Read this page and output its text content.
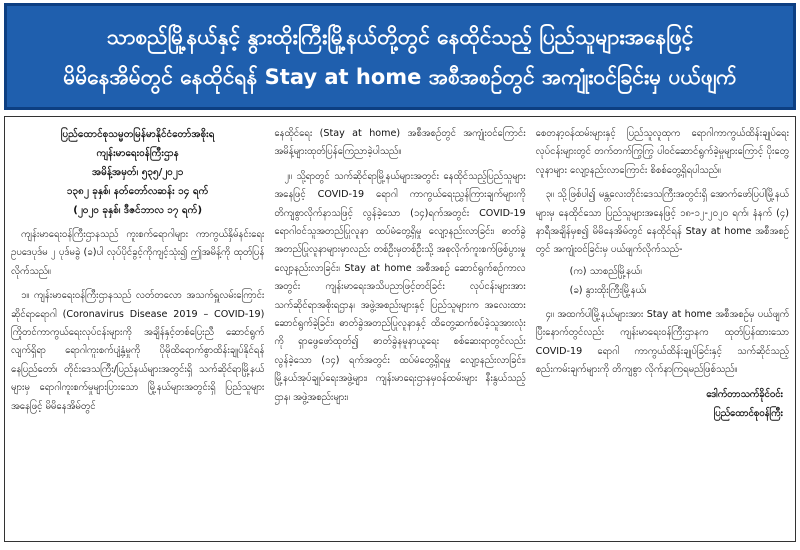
သာစည်မြို့နယ်နှင့် နွားထိုးကြီးမြို့နယ်တို့တွင် နေထိုင်သည့် ပြည်သူများအနေဖြင့်
မိမိနေအိမ်တွင် နေထိုင်ရန် Stay at home အစီအစဉ်တွင် အကျုံးဝင်ခြင်းမှ ပယ်ဖျက်
ပြည်ထောင်စုသမ္မတမြန်မာနိုင်ငံတော်အစိုးရ
ကျန်းမာရေးဝန်ကြီးဌာန
အမိန့်အမှတ်၊ ၅၃၅/၂၀၂၁
၁၃၈၂ ခုနှစ်၊ နတ်တော်လဆန်း ၁၄ ရက်
(၂၀၂၀ ခုနှစ်၊ ဒီဇင်ဘာလ ၁၇ ရက်)

ကျန်းမာရေးဝန်ကြီးဌာနသည် ကူးစက်ရောဂါများ ကာကွယ်နှိမ်နင်းရေး ဥပဒေပုဒ်မ ၂ ပုဒ်မခွဲ (ခ)ပါ လုပ်ပိုင်ခွင့်ကိုကျင့်သုံး၍ ဤအမိန့်ကို ထုတ်ပြန်လိုက်သည်။

၁။ ကျန်းမာရေးဝန်ကြီးဌာနသည် လတ်တလော အသက်ရှူလမ်းကြောင်းဆိုင်ရာရောဂါ (Coronavirus Disease 2019 – COVID-19) ကြိုတင်ကာကွယ်ရေးလုပ်ငန်းများကို အချိန်နှင့်တစ်ပြေးညီ ဆောင်ရွက်လျက်ရှိရာ ရောဂါကူးစက်ပျံ့နှံ့မှုကို ပိုမိုထိရောက်စွာထိန်းချုပ်နိုင်ရန် နေပြည်တော်၊ တိုင်းဒေသကြီး/ပြည်နယ်များအတွင်းရှိ သက်ဆိုင်ရာမြို့နယ်များမှ ရောဂါကူးစက်မှုများပြားသော မြို့နယ်များအတွင်းရှိ ပြည်သူများအနေဖြင့် မိမိနေအိမ်တွင်

နေထိုင်ရေး (Stay at home) အစီအစဉ်တွင် အကျုံးဝင်ကြောင်း အမိန့်များထုတ်ပြန်ကြေညာခဲ့ပါသည်။

၂။ သို့ရာတွင် သက်ဆိုင်ရာမြို့နယ်များအတွင်း နေထိုင်သည့်ပြည်သူများအနေဖြင့် COVID-19 ရောဂါ ကာကွယ်ရေးညွှန်ကြားချက်များကို တိကျစွာလိုက်နာသဖြင့် လွန်ခဲ့သော (၁၄)ရက်အတွင်း COVID-19 ရောဂါဝင်သူအတည်ပြုလူနာ ထပ်မံတွေ့ရှိမှု လျော့နည်းလာခြင်း၊ ဓာတ်ခွဲအတည်ပြုလူနာများမှာလည်း တစ်ဦးမှတစ်ဦးသို့ အစုလိုက်ကူးစက်ဖြစ်ပွားမှု လျော့နည်းလာခြင်း၊ Stay at home အစီအစဉ် ဆောင်ရွက်စဉ်ကာလအတွင်း ကျန်းမာရေးအသိပညာဖြင့်တင်ခြင်း လုပ်ငန်းများအား သက်ဆိုင်ရာအစိုးရဌာန၊ အဖွဲ့အစည်းများနှင့် ပြည်သူများက အလေးထားဆောင်ရွက်ခဲ့ခြင်း၊ ဓာတ်ခွဲအတည်ပြုလူနာနှင့် ထိတွေ့ဆက်စပ်ခဲ့သူအားလုံးကို ရှာဖွေဖော်ထုတ်၍ ဓာတ်ခွဲနမူနာယူရေး စစ်ဆေးရာတွင်လည်း လွန်ခဲ့သော (၁၄) ရက်အတွင်း ထပ်မံတွေ့ရှိရမှု လျော့နည်းလာခြင်း၊ မြို့နယ်အုပ်ချုပ်ရေးအဖွဲ့များ၊ ကျန်းမာရေးဌာနမှဝန်ထမ်းများ နီးနွယ်သည့်ဌာန၊ အဖွဲ့အစည်းများ၊

စေတနာ့ဝန်ထမ်းများနှင့် ပြည်သူလူထုက ရောဂါကာကွယ်ထိန်းချုပ်ရေး လုပ်ငန်းများတွင် တက်တက်ကြွကြွ ပါဝင်ဆောင်ရွက်ခဲ့မှုများကြောင့် ပိုးတွေ့လူနာများ လျော့နည်းလာကြောင်း စိစစ်တွေ့ရှိရပါသည်။

၃။ သို့ဖြစ်ပါ၍ မန္တလေးတိုင်းဒေသကြီးအတွင်းရှိ အောက်ဖော်ပြပါမြို့နယ်များမှ နေထိုင်သော ပြည်သူများအနေဖြင့် ၁၈-၁၂-၂၀၂၀ ရက်၊ နံနက် (၄) နာရီအချိန်မှစ၍ မိမိနေအိမ်တွင် နေထိုင်ရန် Stay at home အစီအစဉ်တွင် အကျုံးဝင်ခြင်းမှ ပယ်ဖျက်လိုက်သည်-

(က) သာစည်မြို့နယ်၊
(ခ) နွားထိုးကြီးမြို့နယ်၊

၄။ အထက်ပါမြို့နယ်များအား Stay at home အစီအစဉ်မှ ပယ်ဖျက်ပြီးနောက်တွင်လည်း ကျန်းမာရေးဝန်ကြီးဌာနက ထုတ်ပြန်ထားသော COVID-19 ရောဂါ ကာကွယ်ထိန်းချုပ်ခြင်းနှင့် သက်ဆိုင်သည့် စည်းကမ်းချက်များကို တိကျစွာ လိုက်နာကြရမည်ဖြစ်သည်။

ဒေါက်တာသက်ခိုင်ဝင်း
ပြည်ထောင်စုဝန်ကြီး
